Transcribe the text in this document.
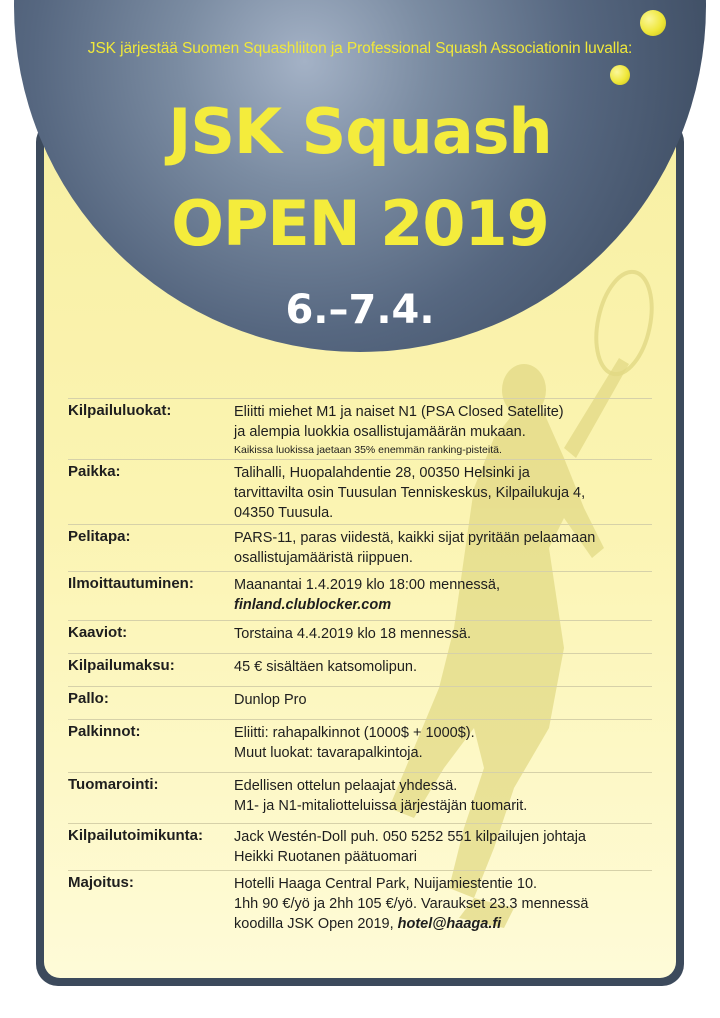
JSK järjestää Suomen Squashliiton ja Professional Squash Associationin luvalla:
JSK Squash
OPEN 2019
6.–7.4.
Kilpailuluokat:	Eliitti miehet M1 ja naiset N1 (PSA Closed Satellite)
ja alempia luokkia osallistujamäärän mukaan.
Kaikissa luokissa jaetaan 35% enemmän ranking-pisteitä.
Paikka:	Talihalli, Huopalahdentie 28, 00350 Helsinki ja
tarvittavilta osin Tuusulan Tenniskeskus, Kilpailukuja 4,
04350 Tuusula.
Pelitapa:	PARS-11, paras viidestä, kaikki sijat pyritään pelaamaan
osallistujamääristä riippuen.
Ilmoittautuminen:	Maanantai 1.4.2019 klo 18:00 mennessä,
finland.clublocker.com
Kaaviot:	Torstaina 4.4.2019 klo 18 mennessä.
Kilpailumaksu:	45 € sisältäen katsomolipun.
Pallo:	Dunlop Pro
Palkinnot:	Eliitti: rahapalkinnot (1000$ + 1000$).
Muut luokat: tavarapalkintoja.
Tuomarointi:	Edellisen ottelun pelaajat yhdessä.
M1- ja N1-mitaliotteluissa järjestäjän tuomarit.
Kilpailutoimikunta: Jack Westén-Doll puh. 050 5252 551 kilpailujen johtaja
Heikki Ruotanen päätuomari
Majoitus:	Hotelli Haaga Central Park, Nuijamiestentie 10.
1hh 90 €/yö ja 2hh 105 €/yö. Varaukset 23.3 mennessä
koodilla JSK Open 2019, hotel@haaga.fi
